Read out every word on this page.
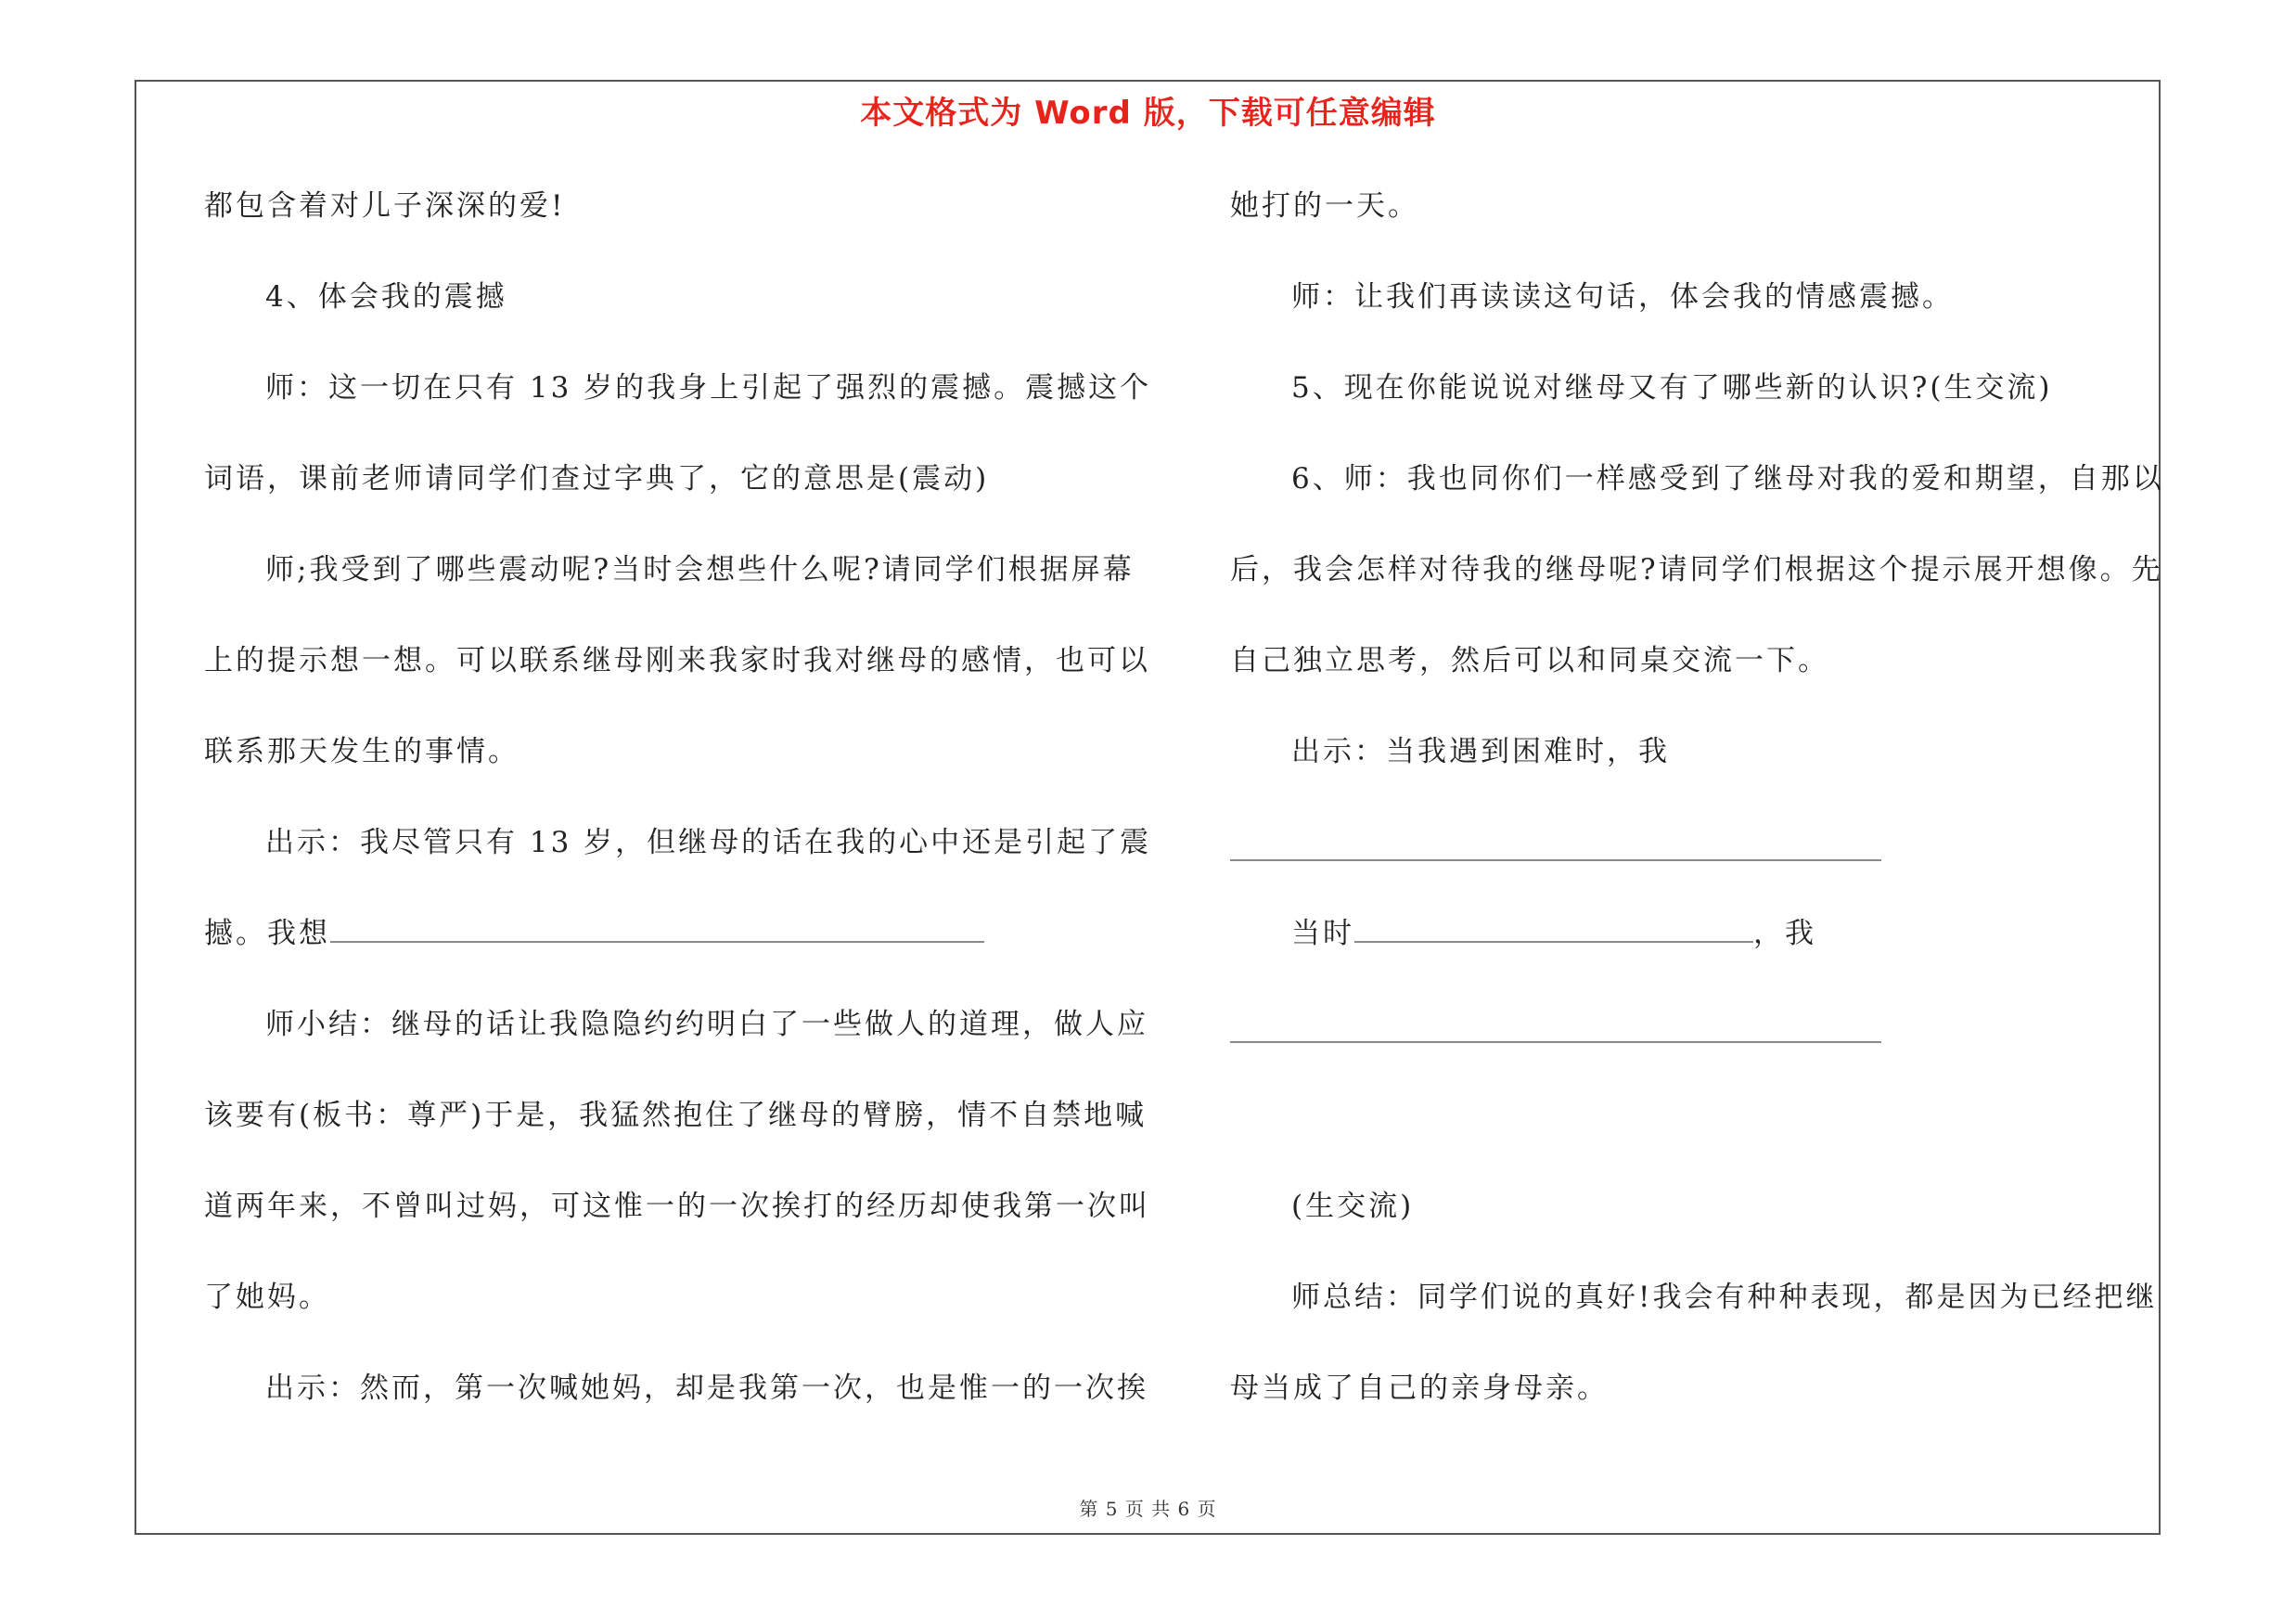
本文格式为 Word 版，下载可任意编辑
都包含着对儿子深深的爱!
4、体会我的震撼
师：这一切在只有 13 岁的我身上引起了强烈的震撼。震撼这个
词语，课前老师请同学们查过字典了，它的意思是(震动)
师;我受到了哪些震动呢?当时会想些什么呢?请同学们根据屏幕
上的提示想一想。可以联系继母刚来我家时我对继母的感情，也可以
联系那天发生的事情。
出示：我尽管只有 13 岁，但继母的话在我的心中还是引起了震
撼。我想
师小结：继母的话让我隐隐约约明白了一些做人的道理，做人应
该要有(板书：尊严)于是，我猛然抱住了继母的臂膀，情不自禁地喊
道两年来，不曾叫过妈，可这惟一的一次挨打的经历却使我第一次叫
了她妈。
出示：然而，第一次喊她妈，却是我第一次，也是惟一的一次挨
她打的一天。
师：让我们再读读这句话，体会我的情感震撼。
5、现在你能说说对继母又有了哪些新的认识?(生交流)
6、师：我也同你们一样感受到了继母对我的爱和期望，自那以
后，我会怎样对待我的继母呢?请同学们根据这个提示展开想像。先
自己独立思考，然后可以和同桌交流一下。
出示：当我遇到困难时，我
当时	，我
(生交流)
师总结：同学们说的真好!我会有种种表现，都是因为已经把继
母当成了自己的亲身母亲。
第 5 页 共 6 页
